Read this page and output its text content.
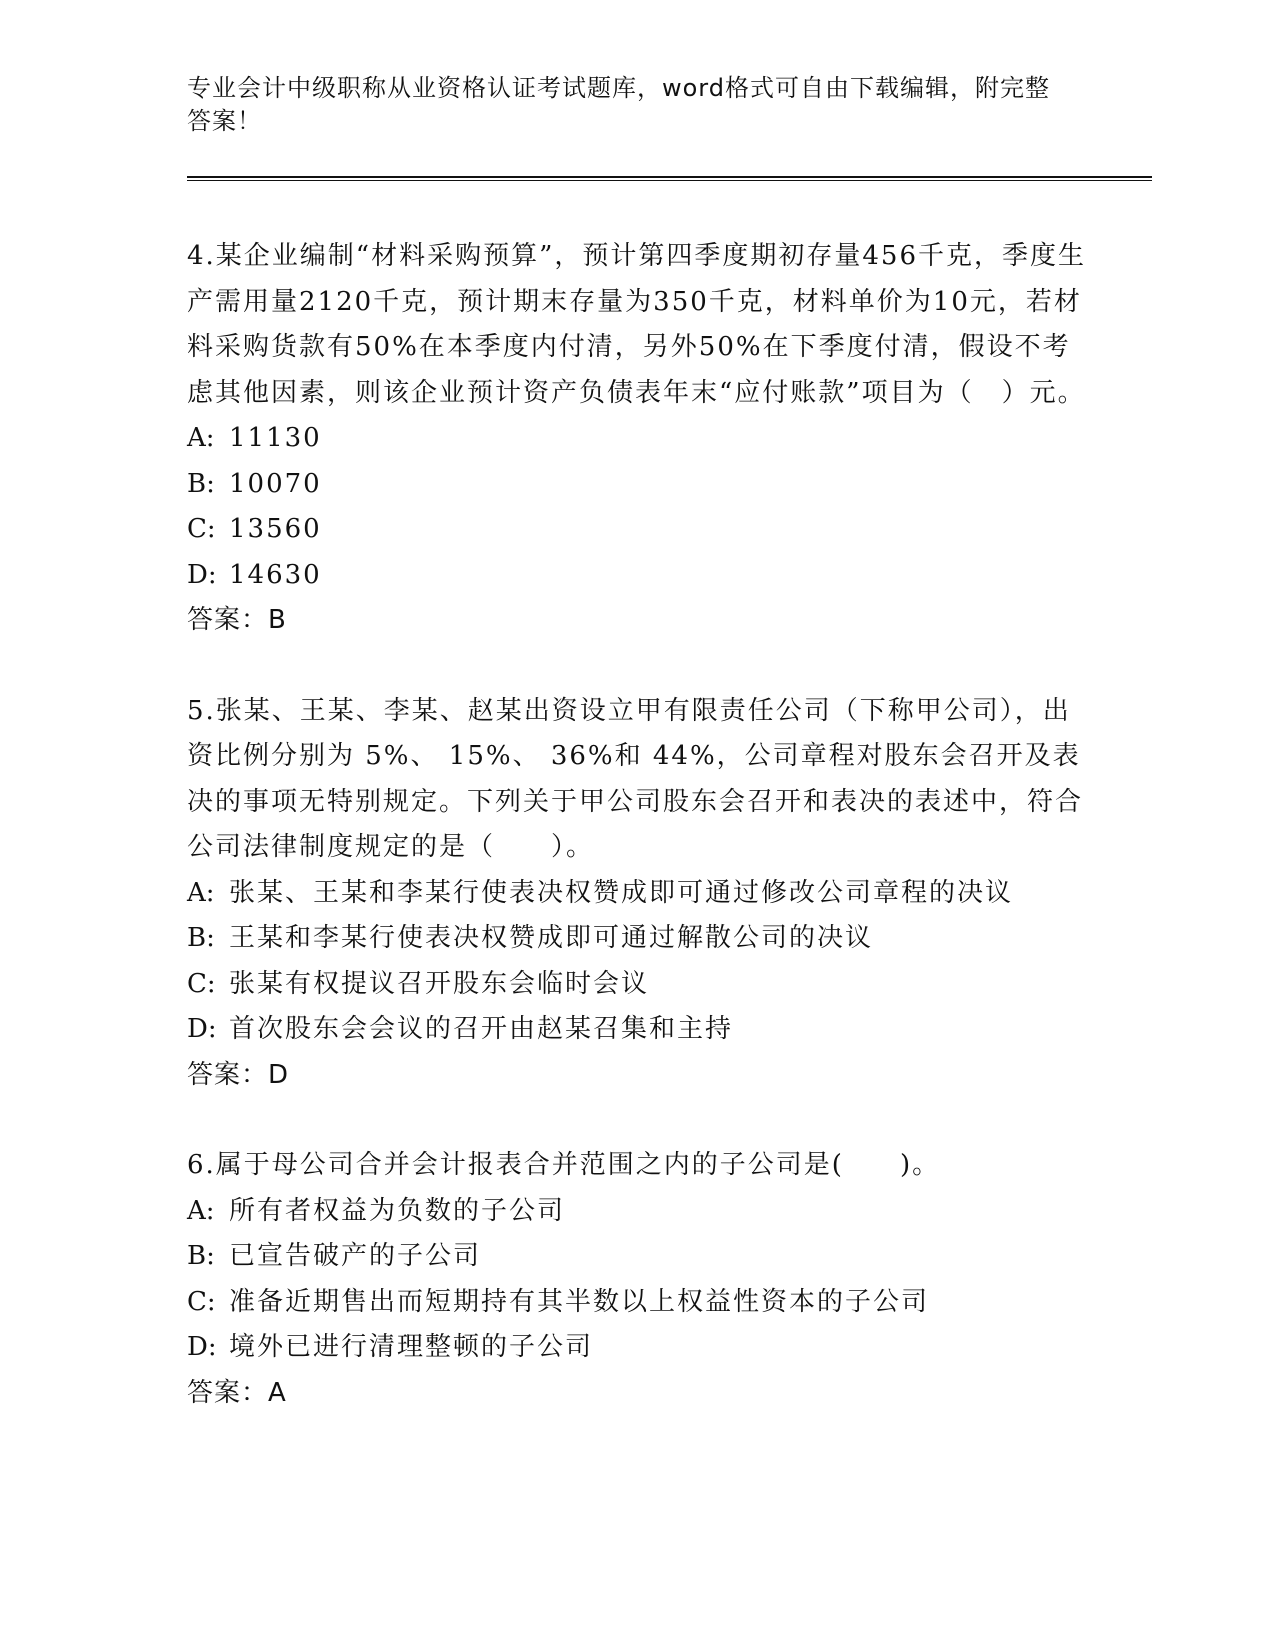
专业会计中级职称从业资格认证考试题库，word格式可自由下载编辑，附完整答案！

4.某企业编制“材料采购预算”，预计第四季度期初存量456千克，季度生产需用量2120千克，预计期末存量为350千克，材料单价为10元，若材料采购货款有50%在本季度内付清，另外50%在下季度付清，假设不考虑其他因素，则该企业预计资产负债表年末“应付账款”项目为（　）元。

A: 11130
B: 10070
C: 13560
D: 14630

答案：B

5.张某、王某、李某、赵某出资设立甲有限责任公司（下称甲公司），出资比例分别为 5%、 15%、 36%和 44%，公司章程对股东会召开及表决的事项无特别规定。下列关于甲公司股东会召开和表决的表述中，符合公司法律制度规定的是（　　）。

A: 张某、王某和李某行使表决权赞成即可通过修改公司章程的决议
B: 王某和李某行使表决权赞成即可通过解散公司的决议
C: 张某有权提议召开股东会临时会议
D: 首次股东会会议的召开由赵某召集和主持

答案：D

6.属于母公司合并会计报表合并范围之内的子公司是(　　)。

A: 所有者权益为负数的子公司
B: 已宣告破产的子公司
C: 准备近期售出而短期持有其半数以上权益性资本的子公司
D: 境外已进行清理整顿的子公司

答案：A
